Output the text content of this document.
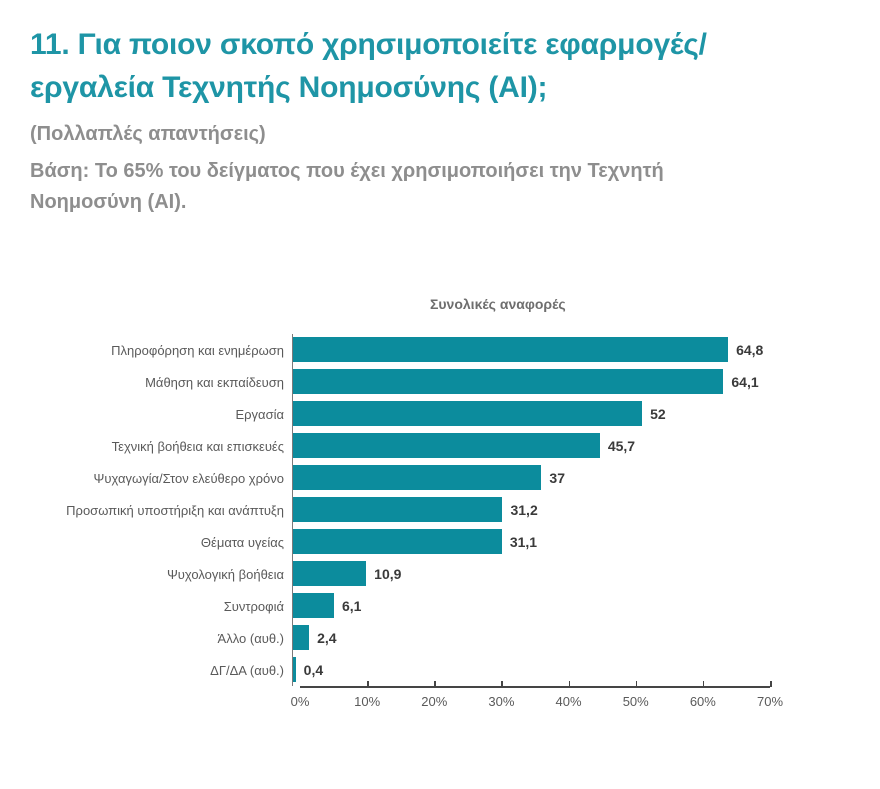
11. Για ποιον σκοπό χρησιμοποιείτε εφαρμογές/
εργαλεία Τεχνητής Νοημοσύνης (AI);
(Πολλαπλές απαντήσεις)
Βάση: Το 65% του δείγματος που έχει χρησιμοποιήσει την Τεχνητή Νοημοσύνη (AI).
Συνολικές αναφορές
Πληροφόρηση και ενημέρωση	64,8
Μάθηση και εκπαίδευση	64,1
Εργασία	52
Τεχνική βοήθεια και επισκευές	45,7
Ψυχαγωγία/Στον ελεύθερο χρόνο	37
Προσωπική υποστήριξη και ανάπτυξη	31,2
Θέματα υγείας	31,1
Ψυχολογική βοήθεια	10,9
Συντροφιά	6,1
Άλλο (αυθ.)	2,4
ΔΓ/ΔΑ (αυθ.)	0,4
0%	10%	20%	30%	40%	50%	60%	70%
